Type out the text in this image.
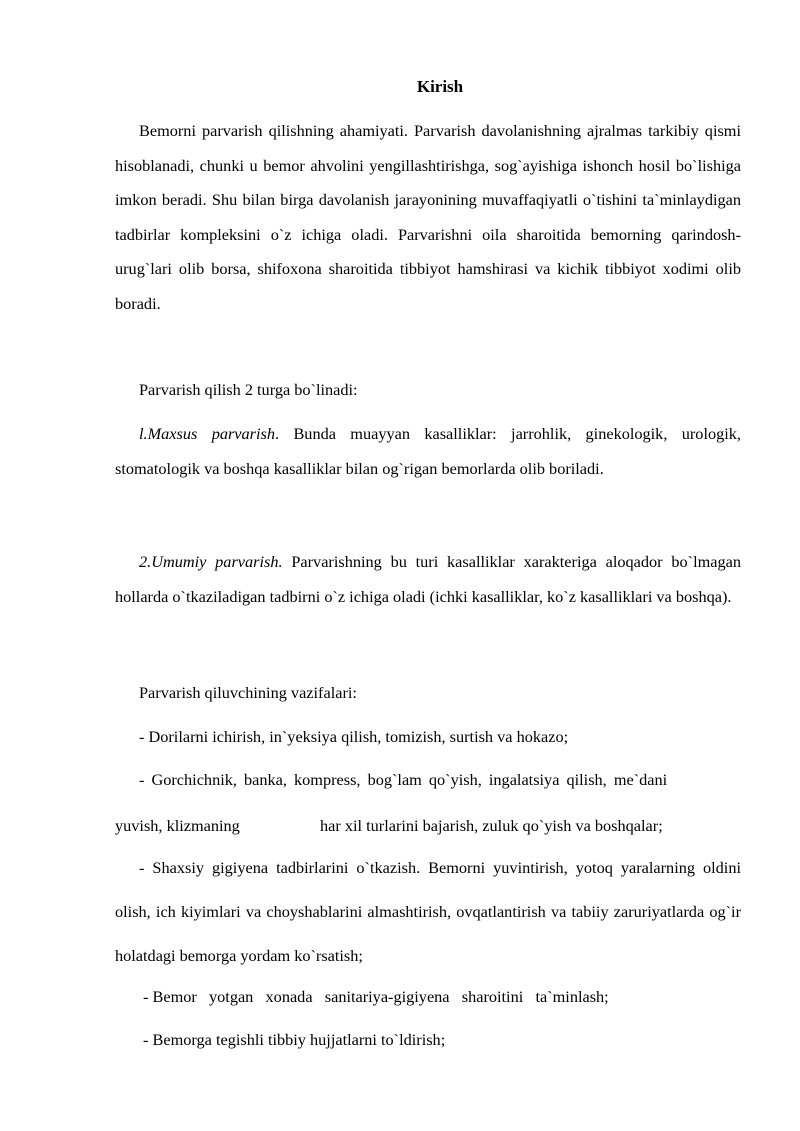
Kirish

Bemorni parvarish qilishning ahamiyati. Parvarish davolanishning ajralmas tarkibiy qismi hisoblanadi, chunki u bemor ahvolini yengillashtirishga, sog`ayishiga ishonch hosil bo`lishiga imkon beradi. Shu bilan birga davolanish jarayonining muvaffaqiyatli o`tishini ta`minlaydigan tadbirlar kompleksini o`z ichiga oladi. Parvarishni oila sharoitida bemorning qarindosh-urug`lari olib borsa, shifoxona sharoitida tibbiyot hamshirasi va kichik tibbiyot xodimi olib boradi.

Parvarish qilish 2 turga bo`linadi:

l.Maxsus parvarish. Bunda muayyan kasalliklar: jarrohlik, ginekologik, urologik, stomatologik va boshqa kasalliklar bilan og`rigan bemorlarda olib boriladi.

2.Umumiy parvarish. Parvarishning bu turi kasalliklar xarakteriga aloqador bo`lmagan hollarda o`tkaziladigan tadbirni o`z ichiga oladi (ichki kasalliklar, ko`z kasalliklari va boshqa).

Parvarish qiluvchining vazifalari:

- Dorilarni ichirish, in`yeksiya qilish, tomizish, surtish va hokazo;

- Gorchichnik, banka, kompress, bog`lam qo`yish, ingalatsiya qilish, me`dani

yuvish, klizmaning	har xil turlarini bajarish, zuluk qo`yish va boshqalar;

- Shaxsiy gigiyena tadbirlarini o`tkazish. Bemorni yuvintirish, yotoq yaralarning oldini olish, ich kiyimlari va choyshablarini almashtirish, ovqatlantirish va tabiiy zaruriyatlarda og`ir holatdagi bemorga yordam ko`rsatish;

- Bemor   yotgan   xonada   sanitariya-gigiyena   sharoitini   ta`minlash;

- Bemorga tegishli tibbiy hujjatlarni to`ldirish;
